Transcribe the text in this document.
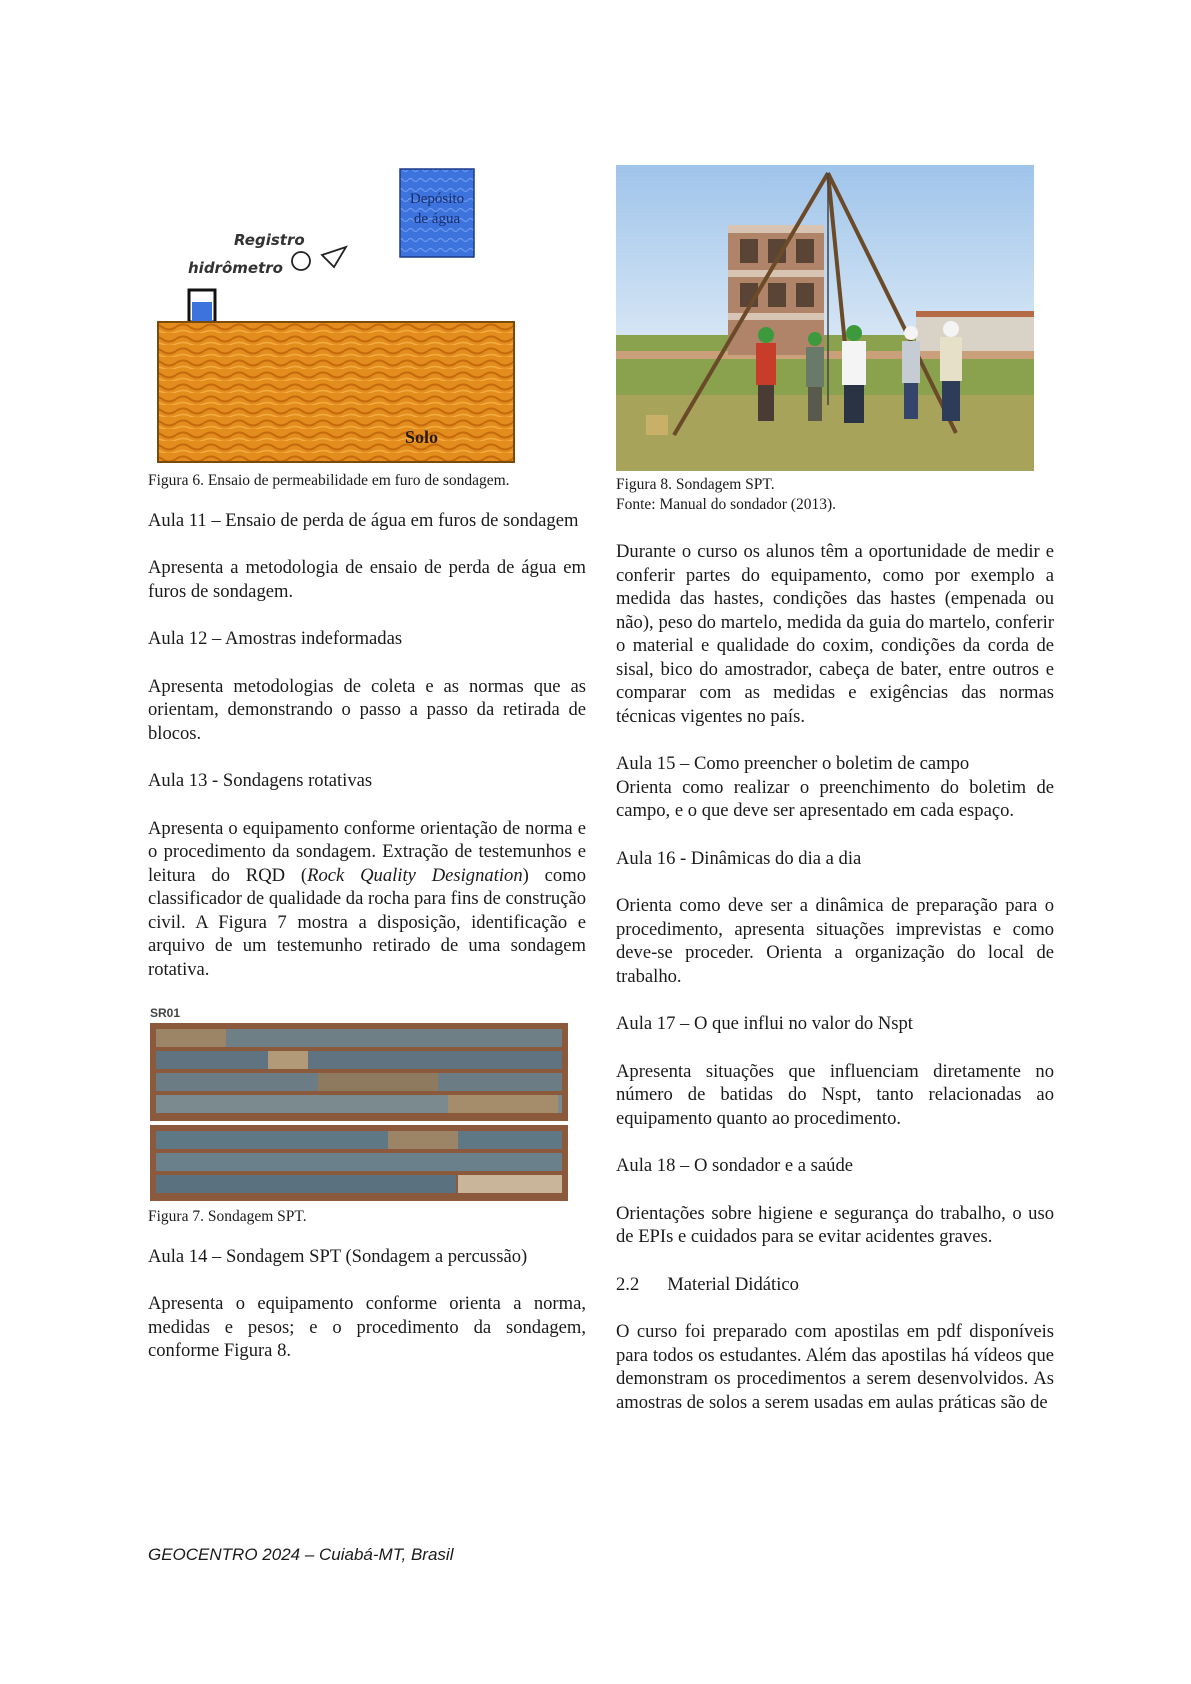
Depósito de água
Registro
hidrômetro
Solo

Figura 6. Ensaio de permeabilidade em furo de sondagem.

Aula 11 – Ensaio de perda de água em furos de sondagem

Apresenta a metodologia de ensaio de perda de água em furos de sondagem.

Aula 12 – Amostras indeformadas

Apresenta metodologias de coleta e as normas que as orientam, demonstrando o passo a passo da retirada de blocos.

Aula 13 - Sondagens rotativas

Apresenta o equipamento conforme orientação de norma e o procedimento da sondagem. Extração de testemunhos e leitura do RQD (Rock Quality Designation) como classificador de qualidade da rocha para fins de construção civil. A Figura 7 mostra a disposição, identificação e arquivo de um testemunho retirado de uma sondagem rotativa.

SR01

Figura 7. Sondagem SPT.

Aula 14 – Sondagem SPT (Sondagem a percussão)

Apresenta o equipamento conforme orienta a norma, medidas e pesos; e o procedimento da sondagem, conforme Figura 8.

Figura 8. Sondagem SPT.
Fonte: Manual do sondador (2013).

Durante o curso os alunos têm a oportunidade de medir e conferir partes do equipamento, como por exemplo a medida das hastes, condições das hastes (empenada ou não), peso do martelo, medida da guia do martelo, conferir o material e qualidade do coxim, condições da corda de sisal, bico do amostrador, cabeça de bater, entre outros e comparar com as medidas e exigências das normas técnicas vigentes no país.

Aula 15 – Como preencher o boletim de campo
Orienta como realizar o preenchimento do boletim de campo, e o que deve ser apresentado em cada espaço.

Aula 16 - Dinâmicas do dia a dia

Orienta como deve ser a dinâmica de preparação para o procedimento, apresenta situações imprevistas e como deve-se proceder. Orienta a organização do local de trabalho.

Aula 17 – O que influi no valor do Nspt

Apresenta situações que influenciam diretamente no número de batidas do Nspt, tanto relacionadas ao equipamento quanto ao procedimento.

Aula 18 – O sondador e a saúde

Orientações sobre higiene e segurança do trabalho, o uso de EPIs e cuidados para se evitar acidentes graves.

2.2 Material Didático

O curso foi preparado com apostilas em pdf disponíveis para todos os estudantes. Além das apostilas há vídeos que demonstram os procedimentos a serem desenvolvidos. As amostras de solos a serem usadas em aulas práticas são de

GEOCENTRO 2024 – Cuiabá-MT, Brasil
